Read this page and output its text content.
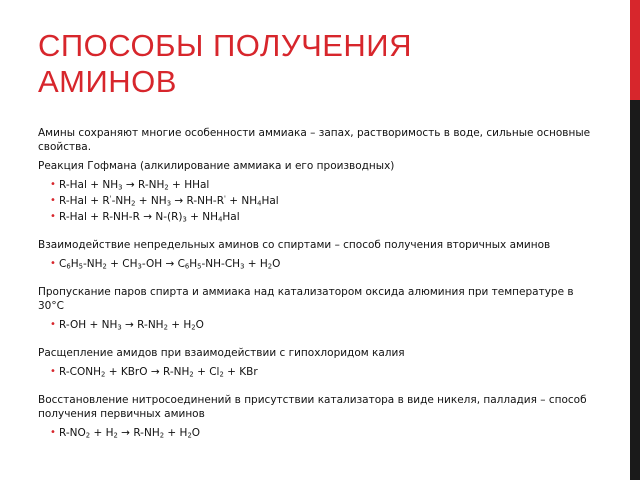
СПОСОБЫ ПОЛУЧЕНИЯ АМИНОВ

Амины сохраняют многие особенности аммиака – запах, растворимость в воде, сильные основные свойства.

Реакция Гофмана (алкилирование аммиака и его производных)

• $R-Hal + NH_3 \to R-NH_2$ + HHal
• $R-Hal + R'-NH_2 + NH_3 \to R-NH-R' + NH_4Hal$
• $R-Hal + R-NH-R \to N-(R)_3 + NH_4Hal$

Взаимодействие непредельных аминов со спиртами – способ получения вторичных аминов

• $C_6H_5-NH_2 + CH_3-OH \to C_6H_5-NH-CH_3 + H_2O$

Пропускание паров спирта и аммиака над катализатором оксида алюминия при температуре в 30°С

• $R-OH + NH_3 \to R-NH_2 + H_2O$

Расщепление амидов при взаимодействии с гипохлоридом калия

• $R-CONH_2$ + KBrO → $R-NH_2 + Cl_2$ + KBr

Восстановление нитросоединений в присутствии катализатора в виде никеля, палладия – способ получения первичных аминов

• $R-NO_2 + H_2 \to R-NH_2 + H_2O$
